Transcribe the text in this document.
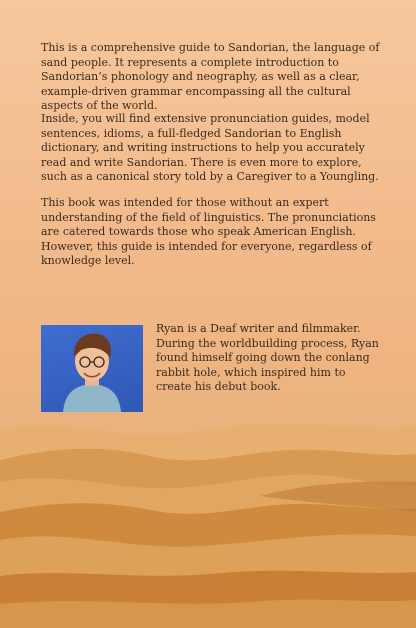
This is a comprehensive guide to Sandorian, the language of sand people. It represents a complete introduction to Sandorian’s phonology and neography, as well as a clear, example-driven grammar encompassing all the cultural aspects of the world.

Inside, you will find extensive pronunciation guides, model sentences, idioms, a full-fledged Sandorian to English dictionary, and writing instructions to help you accurately read and write Sandorian. There is even more to explore, such as a canonical story told by a Caregiver to a Youngling.

This book was intended for those without an expert understanding of the field of linguistics. The pronunciations are catered towards those who speak American English. However, this guide is intended for everyone, regardless of knowledge level.

Ryan is a Deaf writer and filmmaker. During the worldbuilding process, Ryan found himself going down the conlang rabbit hole, which inspired him to create his debut book.
